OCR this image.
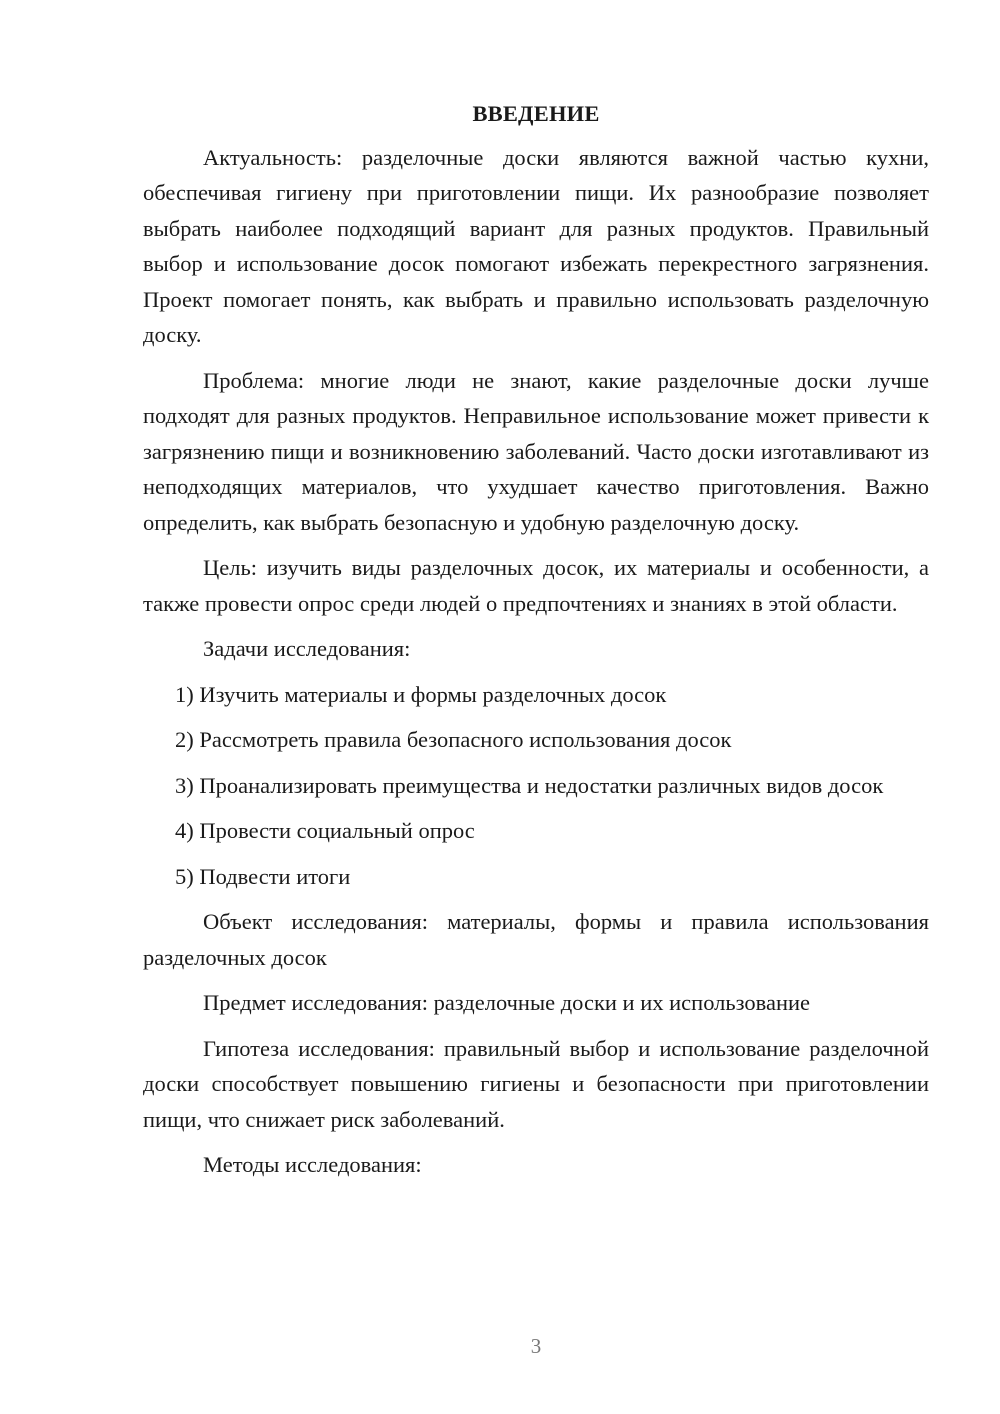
ВВЕДЕНИЕ

Актуальность: разделочные доски являются важной частью кухни, обеспечивая гигиену при приготовлении пищи. Их разнообразие позволяет выбрать наиболее подходящий вариант для разных продуктов. Правильный выбор и использование досок помогают избежать перекрестного загрязнения. Проект помогает понять, как выбрать и правильно использовать разделочную доску.

Проблема: многие люди не знают, какие разделочные доски лучше подходят для разных продуктов. Неправильное использование может привести к загрязнению пищи и возникновению заболеваний. Часто доски изготавливают из неподходящих материалов, что ухудшает качество приготовления. Важно определить, как выбрать безопасную и удобную разделочную доску.

Цель: изучить виды разделочных досок, их материалы и особенности, а также провести опрос среди людей о предпочтениях и знаниях в этой области.

Задачи исследования:

1) Изучить материалы и формы разделочных досок

2) Рассмотреть правила безопасного использования досок

3) Проанализировать преимущества и недостатки различных видов досок

4) Провести социальный опрос

5) Подвести итоги

Объект исследования: материалы, формы и правила использования разделочных досок

Предмет исследования: разделочные доски и их использование

Гипотеза исследования: правильный выбор и использование разделочной доски способствует повышению гигиены и безопасности при приготовлении пищи, что снижает риск заболеваний.

Методы исследования:

3
